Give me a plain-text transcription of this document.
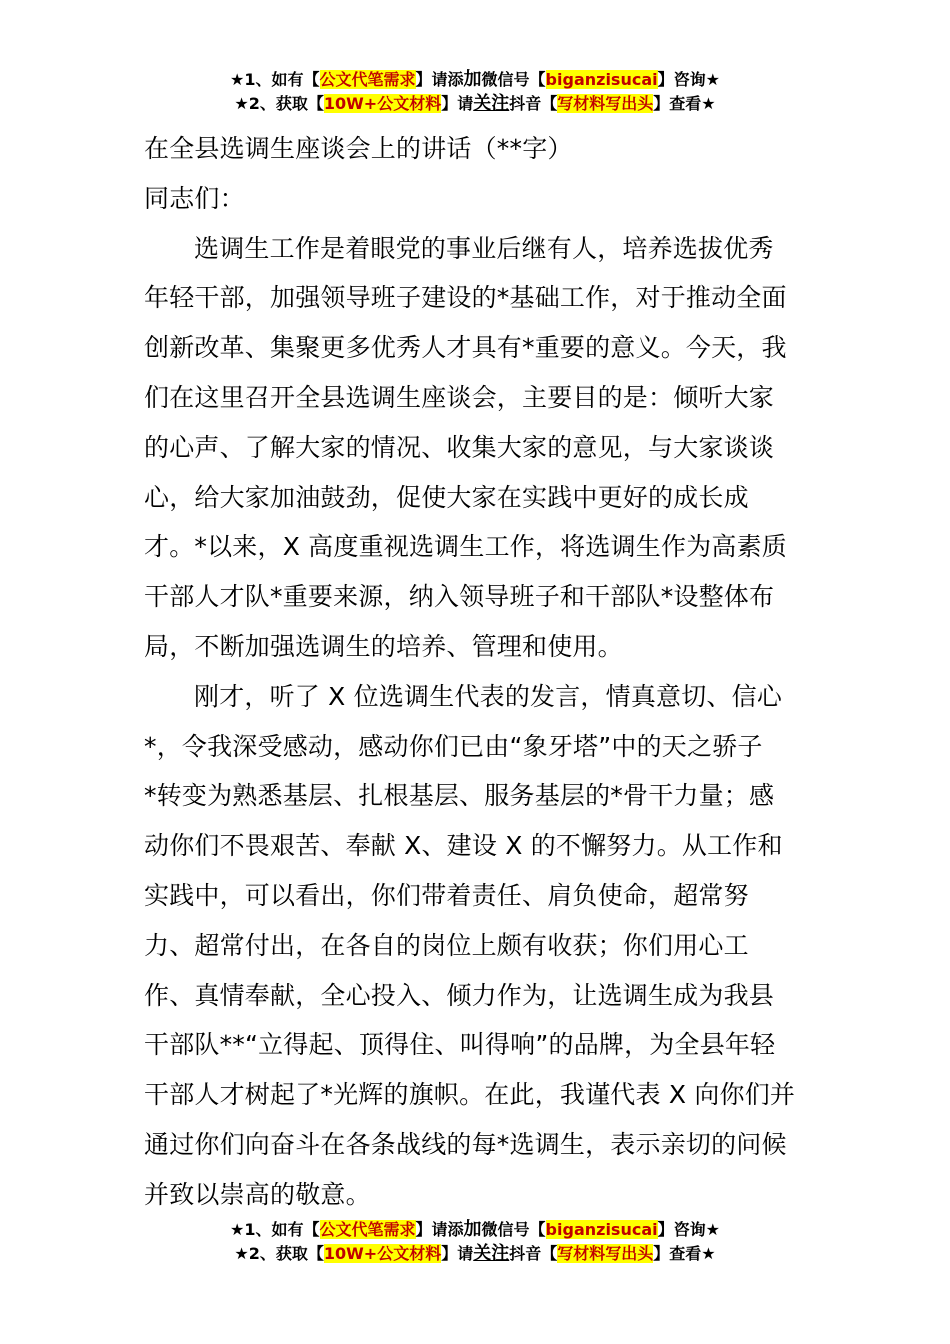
★1、如有【公文代笔需求】请添加微信号【biganzisucai】咨询★
★2、获取【10W+公文材料】请关注抖音【写材料写出头】查看★

在全县选调生座谈会上的讲话（**字）

同志们：

选调生工作是着眼党的事业后继有人，培养选拔优秀
年轻干部，加强领导班子建设的*基础工作，对于推动全面
创新改革、集聚更多优秀人才具有*重要的意义。今天，我
们在这里召开全县选调生座谈会，主要目的是：倾听大家
的心声、了解大家的情况、收集大家的意见，与大家谈谈
心，给大家加油鼓劲，促使大家在实践中更好的成长成
才。*以来，X 高度重视选调生工作，将选调生作为高素质
干部人才队*重要来源，纳入领导班子和干部队*设整体布
局，不断加强选调生的培养、管理和使用。

刚才，听了 X 位选调生代表的发言，情真意切、信心
*，令我深受感动，感动你们已由“象牙塔”中的天之骄子
*转变为熟悉基层、扎根基层、服务基层的*骨干力量；感
动你们不畏艰苦、奉献 X、建设 X 的不懈努力。从工作和
实践中，可以看出，你们带着责任、肩负使命，超常努
力、超常付出，在各自的岗位上颇有收获；你们用心工
作、真情奉献，全心投入、倾力作为，让选调生成为我县
干部队**“立得起、顶得住、叫得响”的品牌，为全县年轻
干部人才树起了*光辉的旗帜。在此，我谨代表 X 向你们并
通过你们向奋斗在各条战线的每*选调生，表示亲切的问候
并致以崇高的敬意。

★1、如有【公文代笔需求】请添加微信号【biganzisucai】咨询★
★2、获取【10W+公文材料】请关注抖音【写材料写出头】查看★
